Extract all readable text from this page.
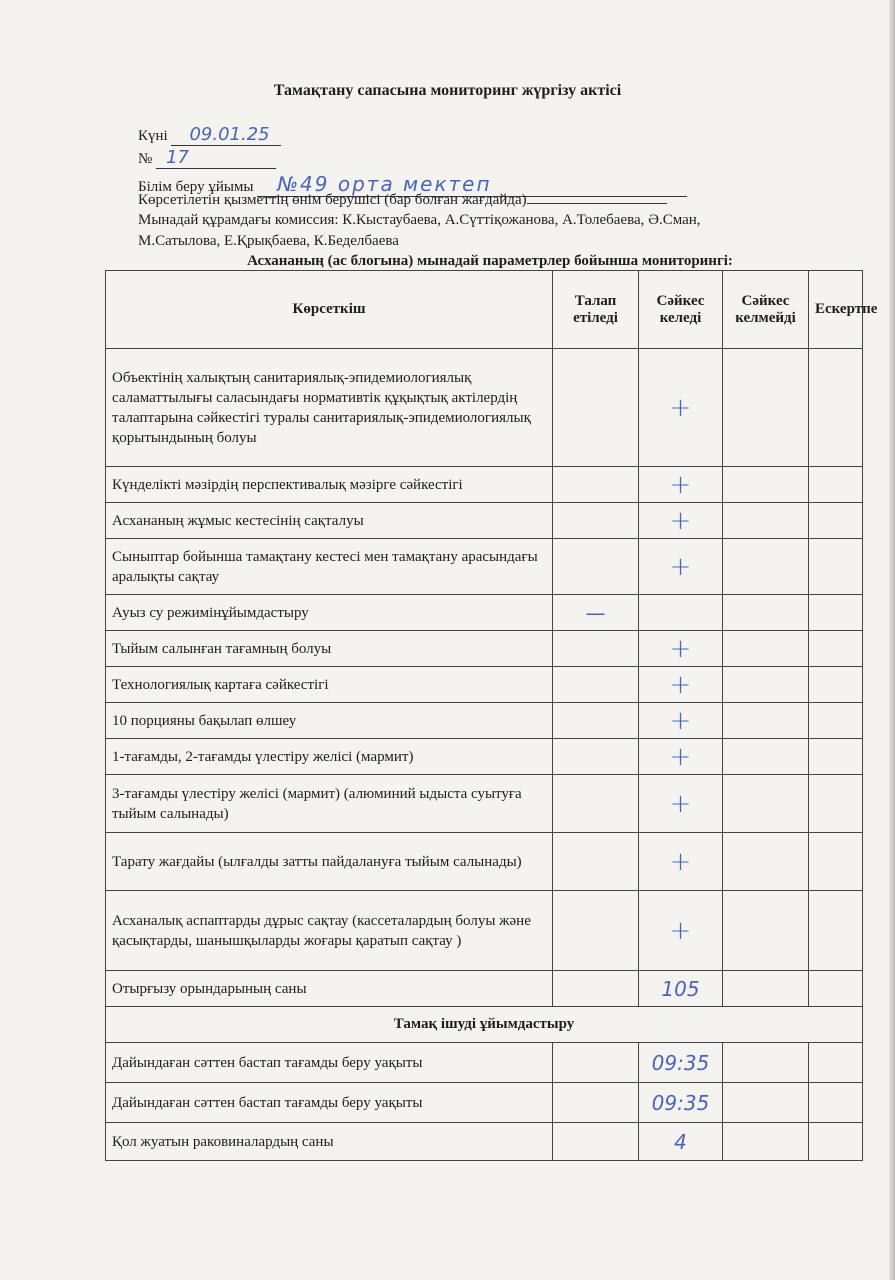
Тамақтану сапасына мониторинг жүргізу актісі
Күні 09.01.25
№ 17
Білім беру ұйымы №49 орта мектеп
Көрсетілетін қызметтің өнім берушісі (бар болған жағдайда)
Мынадай құрамдағы комиссия: К.Кыстаубаева, А.Сүттіқожанова, А.Толебаева, Ә.Сман,
М.Сатылова, Е.Қрықбаева, К.Беделбаева
Асхананың (ас блогына) мынадай параметрлер бойынша мониторингі:
Көрсеткіш	Талап етіледі	Сәйкес келеді	Сәйкес келмейді	Ескертпе
Объектінің халықтың санитариялық-эпидемиологиялық саламаттылығы саласындағы нормативтік құқықтық актілердің талаптарына сәйкестігі туралы санитариялық-эпидемиологиялық қорытындының болуы		+		
Күнделікті мәзірдің перспективалық мәзірге сәйкестігі		+		
Асхананың жұмыс кестесінің сақталуы		+		
Сыныптар бойынша тамақтану кестесі мен тамақтану арасындағы аралықты сақтау		+		
Ауыз су режимінұйымдастыру	—			
Тыйым салынған тағамның болуы		+		
Технологиялық картаға сәйкестігі		+		
10 порцияны бақылап өлшеу		+		
1-тағамды, 2-тағамды үлестіру желісі (мармит)		+		
3-тағамды үлестіру желісі (мармит) (алюминий ыдыста суытуға тыйым салынады)		+		
Тарату жағдайы (ылғалды затты пайдалануға тыйым салынады)		+		
Асханалық аспаптарды дұрыс сақтау (кассеталардың болуы және қасықтарды, шанышқыларды жоғары қаратып сақтау )		+		
Отырғызу орындарының саны		105		
Тамақ ішуді ұйымдастыру				
Дайындаған сәттен бастап тағамды беру уақыты		09:35		
Дайындаған сәттен бастап тағамды беру уақыты		09:35		
Қол жуатын раковиналардың саны		4		
